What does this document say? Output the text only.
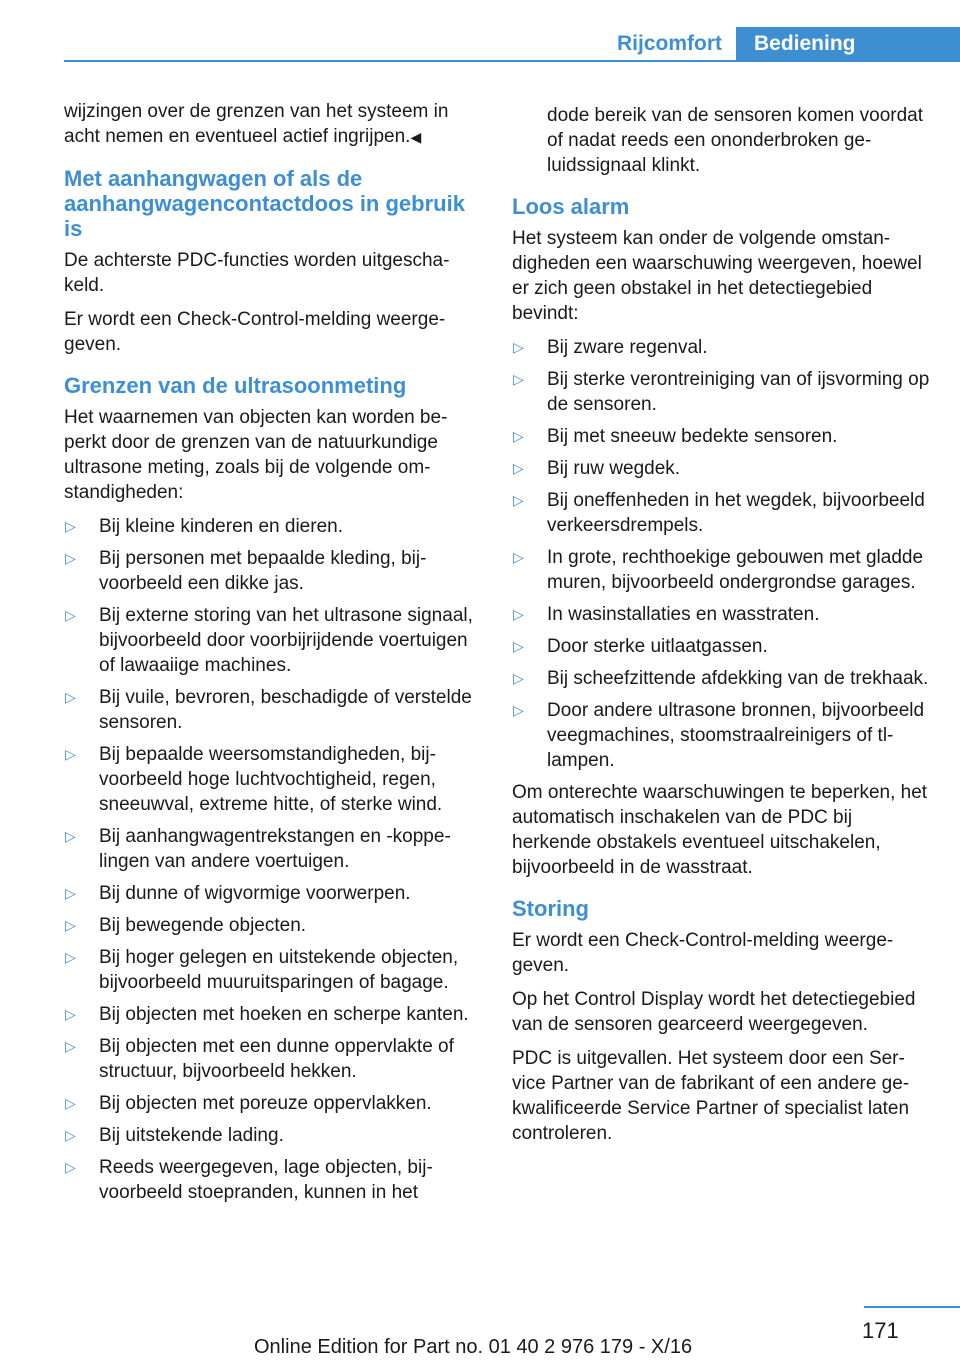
Rijcomfort	Bediening

wijzingen over de grenzen van het systeem in acht nemen en eventueel actief ingrijpen.◀

Met aanhangwagen of als de aanhangwagencontactdoos in gebruik is

De achterste PDC-functies worden uitgeschakeld.

Er wordt een Check-Control-melding weergegeven.

Grenzen van de ultrasoonmeting

Het waarnemen van objecten kan worden beperkt door de grenzen van de natuurkundige ultrasone meting, zoals bij de volgende omstandigheden:

▷ Bij kleine kinderen en dieren.
▷ Bij personen met bepaalde kleding, bijvoorbeeld een dikke jas.
▷ Bij externe storing van het ultrasone signaal, bijvoorbeeld door voorbijrijdende voertuigen of lawaaiige machines.
▷ Bij vuile, bevroren, beschadigde of verstelde sensoren.
▷ Bij bepaalde weersomstandigheden, bijvoorbeeld hoge luchtvochtigheid, regen, sneeuwval, extreme hitte, of sterke wind.
▷ Bij aanhangwagentrekstangen en -koppelingen van andere voertuigen.
▷ Bij dunne of wigvormige voorwerpen.
▷ Bij bewegende objecten.
▷ Bij hoger gelegen en uitstekende objecten, bijvoorbeeld muuruitsparingen of bagage.
▷ Bij objecten met hoeken en scherpe kanten.
▷ Bij objecten met een dunne oppervlakte of structuur, bijvoorbeeld hekken.
▷ Bij objecten met poreuze oppervlakken.
▷ Bij uitstekende lading.
▷ Reeds weergegeven, lage objecten, bijvoorbeeld stoepranden, kunnen in het

dode bereik van de sensoren komen voordat of nadat reeds een ononderbroken geluidssignaal klinkt.

Loos alarm

Het systeem kan onder de volgende omstandigheden een waarschuwing weergeven, hoewel er zich geen obstakel in het detectiegebied bevindt:

▷ Bij zware regenval.
▷ Bij sterke verontreiniging van of ijsvorming op de sensoren.
▷ Bij met sneeuw bedekte sensoren.
▷ Bij ruw wegdek.
▷ Bij oneffenheden in het wegdek, bijvoorbeeld verkeersdrempels.
▷ In grote, rechthoekige gebouwen met gladde muren, bijvoorbeeld ondergrondse garages.
▷ In wasinstallaties en wasstraten.
▷ Door sterke uitlaatgassen.
▷ Bij scheefzittende afdekking van de trekhaak.
▷ Door andere ultrasone bronnen, bijvoorbeeld veegmachines, stoomstraalreinigers of tl-lampen.

Om onterechte waarschuwingen te beperken, het automatisch inschakelen van de PDC bij herkende obstakels eventueel uitschakelen, bijvoorbeeld in de wasstraat.

Storing

Er wordt een Check-Control-melding weergegeven.

Op het Control Display wordt het detectiegebied van de sensoren gearceerd weergegeven.

PDC is uitgevallen. Het systeem door een Service Partner van de fabrikant of een andere gekwalificeerde Service Partner of specialist laten controleren.

171
Online Edition for Part no. 01 40 2 976 179 - X/16
